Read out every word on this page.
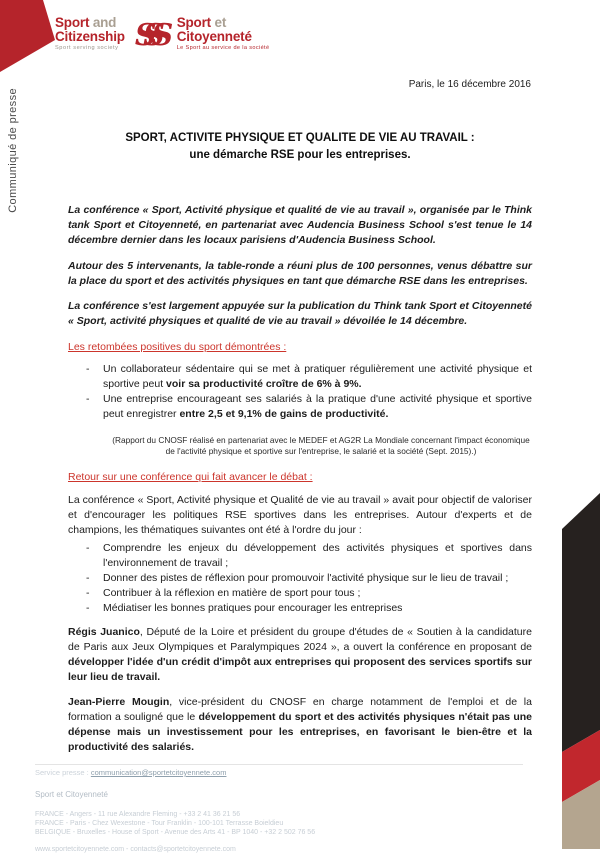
Communiqué de presse
Sport and
Citizenship
Sport serving society SSS Sport et
Citoyenneté
Le Sport au service de la société
Paris, le 16 décembre 2016
SPORT, ACTIVITE PHYSIQUE ET QUALITE DE VIE AU TRAVAIL :
une démarche RSE pour les entreprises.

La conférence « Sport, Activité physique et qualité de vie au travail », organisée par le Think tank Sport et Citoyenneté, en partenariat avec Audencia Business School s'est tenue le 14 décembre dernier dans les locaux parisiens d'Audencia Business School.

Autour des 5 intervenants, la table-ronde a réuni plus de 100 personnes, venus débattre sur la place du sport et des activités physiques en tant que démarche RSE dans les entreprises.

La conférence s'est largement appuyée sur la publication du Think tank Sport et Citoyenneté « Sport, activité physiques et qualité de vie au travail » dévoilée le 14 décembre.

Les retombées positives du sport démontrées :

-	Un collaborateur sédentaire qui se met à pratiquer régulièrement une activité physique et sportive peut voir sa productivité croître de 6% à 9%.
-	Une entreprise encourageant ses salariés à la pratique d'une activité physique et sportive peut enregistrer entre 2,5 et 9,1% de gains de productivité.
(Rapport du CNOSF réalisé en partenariat avec le MEDEF et AG2R La Mondiale concernant l'impact économique de l'activité physique et sportive sur l'entreprise, le salarié et la société (Sept. 2015).)

Retour sur une conférence qui fait avancer le débat :

La conférence « Sport, Activité physique et Qualité de vie au travail » avait pour objectif de valoriser et d'encourager les politiques RSE sportives dans les entreprises. Autour d'experts et de champions, les thématiques suivantes ont été à l'ordre du jour :

-	Comprendre les enjeux du développement des activités physiques et sportives dans l'environnement de travail ;
-	Donner des pistes de réflexion pour promouvoir l'activité physique sur le lieu de travail ;
-	Contribuer à la réflexion en matière de sport pour tous ;
-	Médiatiser les bonnes pratiques pour encourager les entreprises

Régis Juanico, Député de la Loire et président du groupe d'études de « Soutien à la candidature de Paris aux Jeux Olympiques et Paralympiques 2024 », a ouvert la conférence en proposant de développer l'idée d'un crédit d'impôt aux entreprises qui proposent des services sportifs sur leur lieu de travail.

Jean-Pierre Mougin, vice-président du CNOSF en charge notamment de l'emploi et de la formation a souligné que le développement du sport et des activités physiques n'était pas une dépense mais un investissement pour les entreprises, en favorisant le bien-être et la productivité des salariés.

Service presse : communication@sportetcitoyennete.com
Sport et Citoyenneté
FRANCE - Angers - 11 rue Alexandre Fleming - +33 2 41 36 21 56
FRANCE - Paris - Chez Wexestone - Tour Franklin - 100-101 Terrasse Boieldieu
BELGIQUE - Bruxelles - House of Sport - Avenue des Arts 41 - BP 1040 - +32 2 502 76 56
www.sportetcitoyennete.com - contacts@sportetcitoyennete.com
